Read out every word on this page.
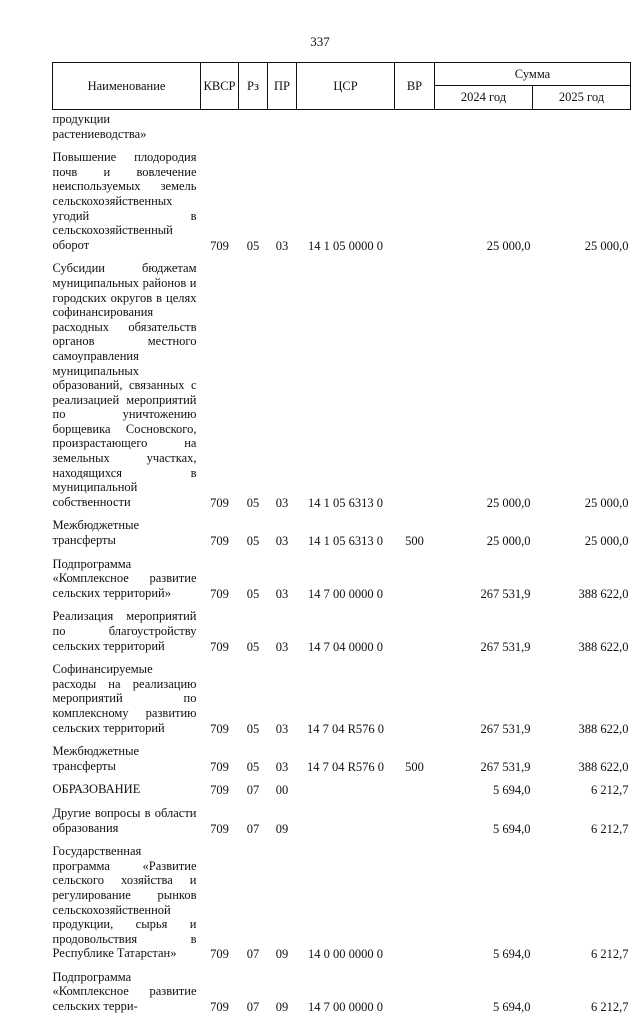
337
Наименование	КВСР	Рз	ПР	ЦСР	ВР	Сумма	
						2024 год	2025 год
продукции растениеводства»							

Повышение плодородия почв и вовлечение неиспользуемых земель сельскохозяйственных угодий в сельскохозяйственный оборот	709	05	03	14 1 05 0000 0		25 000,0	25 000,0

Субсидии бюджетам муниципальных районов и городских округов в целях софинансирования расходных обязательств органов местного самоуправления муниципальных образований, связанных с реализацией мероприятий по уничтожению борщевика Сосновского, произрастающего на земельных участках, находящихся в муниципальной собственности	709	05	03	14 1 05 6313 0		25 000,0	25 000,0

Межбюджетные трансферты	709	05	03	14 1 05 6313 0	500	25 000,0	25 000,0

Подпрограмма «Комплексное развитие сельских территорий»	709	05	03	14 7 00 0000 0		267 531,9	388 622,0

Реализация мероприятий по благоустройству сельских территорий	709	05	03	14 7 04 0000 0		267 531,9	388 622,0

Софинансируемые расходы на реализацию мероприятий по комплексному развитию сельских территорий	709	05	03	14 7 04 R576 0		267 531,9	388 622,0

Межбюджетные трансферты	709	05	03	14 7 04 R576 0	500	267 531,9	388 622,0

ОБРАЗОВАНИЕ	709	07	00			5 694,0	6 212,7

Другие вопросы в области образования	709	07	09			5 694,0	6 212,7

Государственная программа «Развитие сельского хозяйства и регулирование рынков сельскохозяйственной продукции, сырья и продовольствия в Республике Татарстан»	709	07	09	14 0 00 0000 0		5 694,0	6 212,7

Подпрограмма «Комплексное развитие сельских терри-	709	07	09	14 7 00 0000 0		5 694,0	6 212,7
